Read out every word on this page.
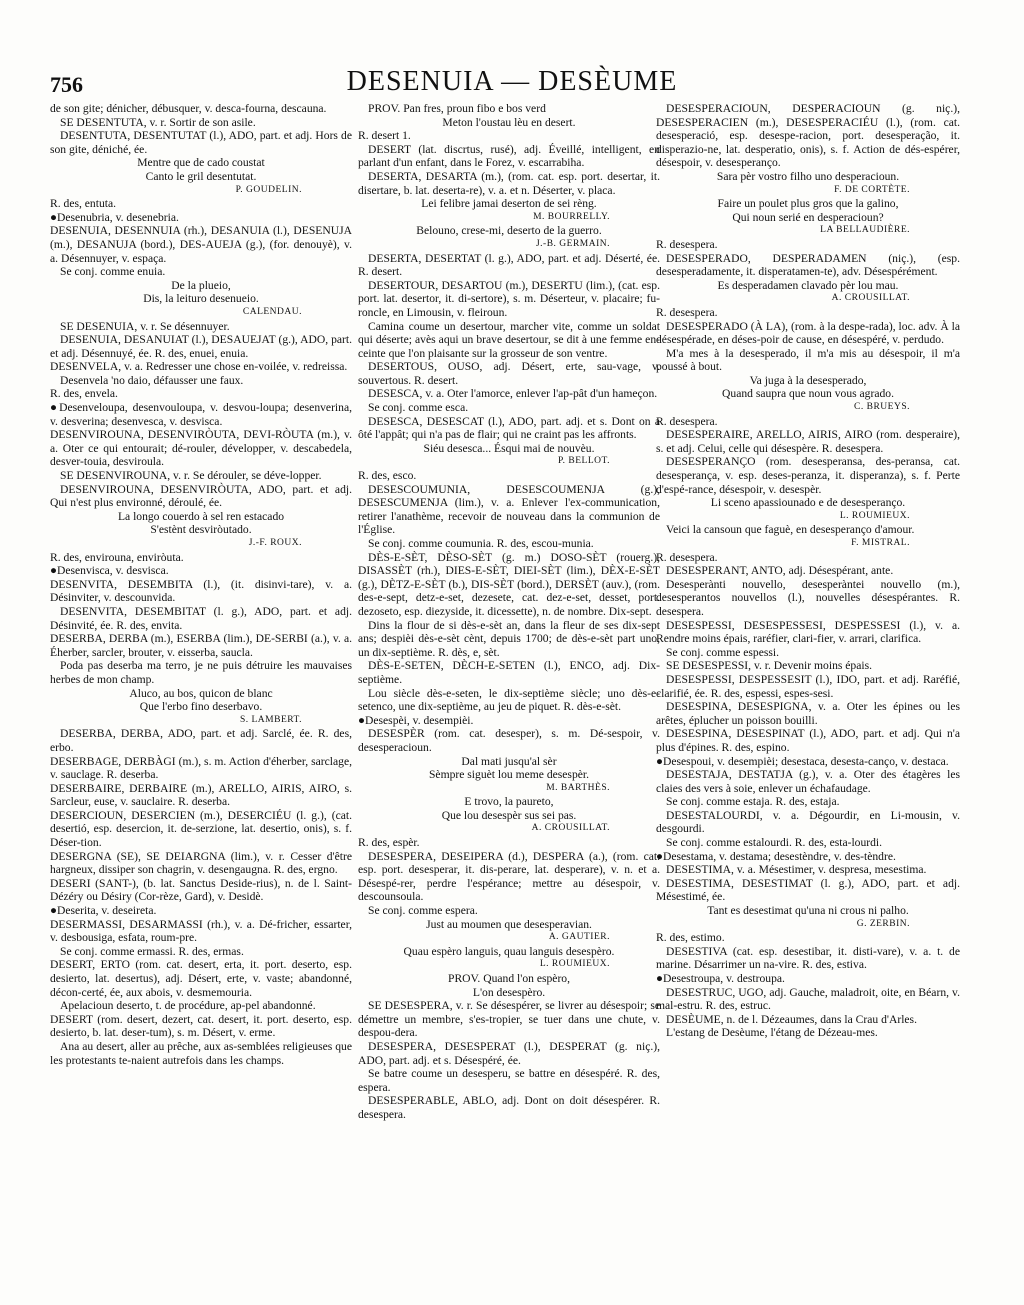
756	DESENUIA — DESÈUME

de son gite; dénicher, débusquer, v. desca-fourna, descauna.

SE DESENTUTA, v. r. Sortir de son asile.

DESENTUTA, DESENTUTAT (l.), ADO, part. et adj. Hors de son gite, déniché, ée.

Mentre que de cado coustat

Canto le gril desentutat.

P. GOUDELIN.

R. des, entuta.

●Desenubria, v. desenebria.

DESENUIA, DESENNUIA (rh.), DESANUIA (l.), DESENUJA (m.), DESANUJA (bord.), DES-AUEJA (g.), (for. denouyè), v. a. Désennuyer, v. espaça.

Se conj. comme enuia.

De la plueio,

Dis, la leituro desenueio.

CALENDAU.

SE DESENUIA, v. r. Se désennuyer.

DESENUIA, DESANUIAT (l.), DESAUEJAT (g.), ADO, part. et adj. Désennuyé, ée. R. des, enuei, enuia.

DESENVELA, v. a. Redresser une chose en-voilée, v. redreissa.

Desenvela 'no daio, défausser une faux.

R. des, envela.

●Desenveloupa, desenvouloupa, v. desvou-loupa; desenverina, v. desverina; desenvesca, v. desvisca.

DESENVIROUNA, DESENVIRÒUTA, DEVI-RÒUTA (m.), v. a. Oter ce qui entourait; dé-rouler, développer, v. descabedela, desver-touia, desviroula.

SE DESENVIROUNA, v. r. Se dérouler, se déve-lopper.

DESENVIROUNA, DESENVIRÒUTA, ADO, part. et adj. Qui n'est plus environné, déroulé, ée.

La longo couerdo à sel ren estacado

S'estènt desviròutado.

J.-F. ROUX.

R. des, envirouna, enviròuta.

●Desenvisca, v. desvisca.

DESENVITA, DESEMBITA (l.), (it. disinvi-tare), v. a. Désinviter, v. descounvida.

DESENVITA, DESEMBITAT (l. g.), ADO, part. et adj. Désinvité, ée. R. des, envita.

DESERBA, DERBA (m.), ESERBA (lim.), DE-SERBI (a.), v. a. Éherber, sarcler, brouter, v. eisserba, saucla.

Poda pas deserba ma terro, je ne puis détruire les mauvaises herbes de mon champ.

Aluco, au bos, quicon de blanc

Que l'erbo fino deserbavo.

S. LAMBERT.

DESERBA, DERBA, ADO, part. et adj. Sarclé, ée. R. des, erbo.

DESERBAGE, DERBÀGI (m.), s. m. Action d'éherber, sarclage, v. sauclage. R. deserba.

DESERBAIRE, DERBAIRE (m.), ARELLO, AIRIS, AIRO, s. Sarcleur, euse, v. sauclaire. R. deserba.

DESERCIOUN, DESERCIEN (m.), DESERCIÉU (l. g.), (cat. desertió, esp. desercion, it. de-serzione, lat. desertio, onis), s. f. Déser-tion.

DESERGNA (SE), SE DEIARGNA (lim.), v. r. Cesser d'être hargneux, dissiper son chagrin, v. desengaugna. R. des, ergno.

DESERI (SANT-), (b. lat. Sanctus Deside-rius), n. de l. Saint-Dézéry ou Désiry (Cor-rèze, Gard), v. Desidè.

●Deserita, v. deseireta.

DESERMASSI, DESARMASSI (rh.), v. a. Dé-fricher, essarter, v. desbousiga, esfata, roum-pre.

Se conj. comme ermassi. R. des, ermas.

DESERT, ERTO (rom. cat. desert, erta, it. port. deserto, esp. desierto, lat. desertus), adj. Désert, erte, v. vaste; abandonné, décon-certé, ée, aux abois, v. desmemouria.

Apelacioun deserto, t. de procédure, ap-pel abandonné.

DESERT (rom. desert, dezert, cat. desert, it. port. deserto, esp. desierto, b. lat. deser-tum), s. m. Désert, v. erme.

Ana au desert, aller au prêche, aux as-semblées religieuses que les protestants te-naient autrefois dans les champs.

PROV. Pan fres, proun fibo e bos verd

Meton l'oustau lèu en desert.

R. desert 1.

DESERT (lat. discrtus, rusé), adj. Éveillé, intelligent, en parlant d'un enfant, dans le Forez, v. escarrabiha.

DESERTA, DESARTA (m.), (rom. cat. esp. port. desertar, it. disertare, b. lat. deserta-re), v. a. et n. Déserter, v. placa.

Lei felibre jamai deserton de sei rèng.

M. BOURRELLY.

Belouno, crese-mi, deserto de la guerro.

J.-B. GERMAIN.

DESERTA, DESERTAT (l. g.), ADO, part. et adj. Déserté, ée. R. desert.

DESERTOUR, DESARTOU (m.), DESERTU (lim.), (cat. esp. port. lat. desertor, it. di-sertore), s. m. Déserteur, v. placaire; fu-roncle, en Limousin, v. fleiroun.

Camina coume un desertour, marcher vite, comme un soldat qui déserte; avès aqui un brave desertour, se dit à une femme en-ceinte que l'on plaisante sur la grosseur de son ventre.

DESERTOUS, OUSO, adj. Désert, erte, sau-vage, v. souvertous. R. desert.

DESESCA, v. a. Oter l'amorce, enlever l'ap-pât d'un hameçon.

Se conj. comme esca.

DESESCA, DESESCAT (l.), ADO, part. adj. et s. Dont on a ôté l'appât; qui n'a pas de flair; qui ne craint pas les affronts.

Siéu desesca... Ésqui mai de nouvèu.

P. BELLOT.

R. des, esco.

DESESCOUMUNIA, DESESCOUMENJA (g.), DESESCUMENJA (lim.), v. a. Enlever l'ex-communication, retirer l'anathème, recevoir de nouveau dans la communion de l'Église.

Se conj. comme coumunia. R. des, escou-munia.

DÈS-E-SÈT, DÈSO-SÈT (g. m.) DOSO-SÈT (rouerg.), DISASSÈT (rh.), DIES-E-SÈT, DIEI-SÈT (lim.), DÈX-E-SÈT (g.), DÈTZ-E-SÈT (b.), DIS-SÈT (bord.), DERSÈT (auv.), (rom. des-e-sept, detz-e-set, dezesete, cat. dez-e-set, desset, port. dezoseto, esp. diezyside, it. dicessette), n. de nombre. Dix-sept.

Dins la flour de si dès-e-sèt an, dans la fleur de ses dix-sept ans; despièi dès-e-sèt cènt, depuis 1700; de dès-e-sèt part uno, un dix-septième. R. dès, e, sèt.

DÈS-E-SETEN, DÈCH-E-SETEN (l.), ENCO, adj. Dix-septième.

Lou siècle dès-e-seten, le dix-septième siècle; uno dès-e-setenco, une dix-septième, au jeu de piquet. R. dès-e-sèt.

●Desespèi, v. desempièi.

DESESPÈR (rom. cat. desesper), s. m. Dé-sespoir, v. desesperacioun.

Dal mati jusqu'al sèr

Sèmpre siguèt lou meme desespèr.

M. BARTHÈS.

E trovo, la paureto,

Que lou desespèr sus sei pas.

A. CROUSILLAT.

R. des, espèr.

DESESPERA, DESEIPERA (d.), DESPERA (a.), (rom. cat. esp. port. desesperar, it. dis-perare, lat. desperare), v. n. et a. Désespé-rer, perdre l'espérance; mettre au désespoir, v. descounsoula.

Se conj. comme espera.

Just au moumen que desesperavian.

A. GAUTIER.

Quau espèro languis, quau languis desespèro.

L. ROUMIEUX.

PROV. Quand l'on espèro,

L'on desespèro.

SE DESESPERA, v. r. Se désespérer, se livrer au désespoir; se démettre un membre, s'es-tropier, se tuer dans une chute, v. despou-dera.

DESESPERA, DESESPERAT (l.), DESPERAT (g. niç.), ADO, part. adj. et s. Désespéré, ée.

Se batre coume un desesperu, se battre en désespéré. R. des, espera.

DESESPERABLE, ABLO, adj. Dont on doit désespérer. R. desespera.

DESESPERACIOUN, DESPERACIOUN (g. niç.), DESESPERACIEN (m.), DESESPERACIÉU (l.), (rom. cat. desesperació, esp. desespe-racion, port. desesperação, it. disperazio-ne, lat. desperatio, onis), s. f. Action de dés-espérer, désespoir, v. desesperanço.

Sara pèr vostro filho uno desperacioun.

F. DE CORTÈTE.

Faire un poulet plus gros que la galino,

Qui noun serié en desperacioun?

LA BELLAUDIÈRE.

R. desespera.

DESESPERADO, DESPERADAMEN (niç.), (esp. desesperadamente, it. disperatamen-te), adv. Désespérément.

Es desperadamen clavado pèr lou mau.

A. CROUSILLAT.

R. desespera.

DESESPERADO (À LA), (rom. à la despe-rada), loc. adv. À la désespérade, en déses-poir de cause, en désespéré, v. perdudo.

M'a mes à la desesperado, il m'a mis au désespoir, il m'a poussé à bout.

Va juga à la desesperado,

Quand saupra que noun vous agrado.

C. BRUEYS.

R. desespera.

DESESPERAIRE, ARELLO, AIRIS, AIRO (rom. desperaire), s. et adj. Celui, celle qui désespère. R. desespera.

DESESPERANÇO (rom. desesperansa, des-peransa, cat. desesperança, v. esp. deses-peranza, it. disperanza), s. f. Perte d'espé-rance, désespoir, v. desespèr.

Li sceno apassiounado e de desesperanço.

L. ROUMIEUX.

Veici la cansoun que faguè, en desesperanço d'amour.

F. MISTRAL.

R. desespera.

DESESPERANT, ANTO, adj. Désespérant, ante.

Desesperànti nouvello, desesperàntei nouvello (m.), desesperantos nouvellos (l.), nouvelles désespérantes. R. desespera.

DESESPESSI, DESESPESSESI, DESPESSESI (l.), v. a. Rendre moins épais, raréfier, clari-fier, v. arrari, clarifica.

Se conj. comme espessi.

SE DESESPESSI, v. r. Devenir moins épais.

DESESPESSI, DESPESSESIT (l.), IDO, part. et adj. Raréfié, clarifié, ée. R. des, espessi, espes-sesi.

DESESPINA, DESESPIGNA, v. a. Oter les épines ou les arêtes, éplucher un poisson bouilli.

DESESPINA, DESESPINAT (l.), ADO, part. et adj. Qui n'a plus d'épines. R. des, espino.

●Desespoui, v. desempièi; desestaca, desesta-canço, v. destaca.

DESESTAJA, DESTATJA (g.), v. a. Oter des étagères les claies des vers à soie, enlever un échafaudage.

Se conj. comme estaja. R. des, estaja.

DESESTALOURDI, v. a. Dégourdir, en Li-mousin, v. desgourdi.

Se conj. comme estalourdi. R. des, esta-lourdi.

●Desestama, v. destama; desestèndre, v. des-tèndre.

DESESTIMA, v. a. Mésestimer, v. despresa, mesestima.

DESESTIMA, DESESTIMAT (l. g.), ADO, part. et adj. Mésestimé, ée.

Tant es desestimat qu'una ni crous ni palho.

G. ZERBIN.

R. des, estimo.

DESESTIVA (cat. esp. desestibar, it. disti-vare), v. a. t. de marine. Désarrimer un na-vire. R. des, estiva.

●Desestroupa, v. destroupa.

DESESTRUC, UGO, adj. Gauche, maladroit, oite, en Béarn, v. mal-estru. R. des, estruc.

DESÈUME, n. de l. Dézeaumes, dans la Crau d'Arles.

L'estang de Desèume, l'étang de Dézeau-mes.
